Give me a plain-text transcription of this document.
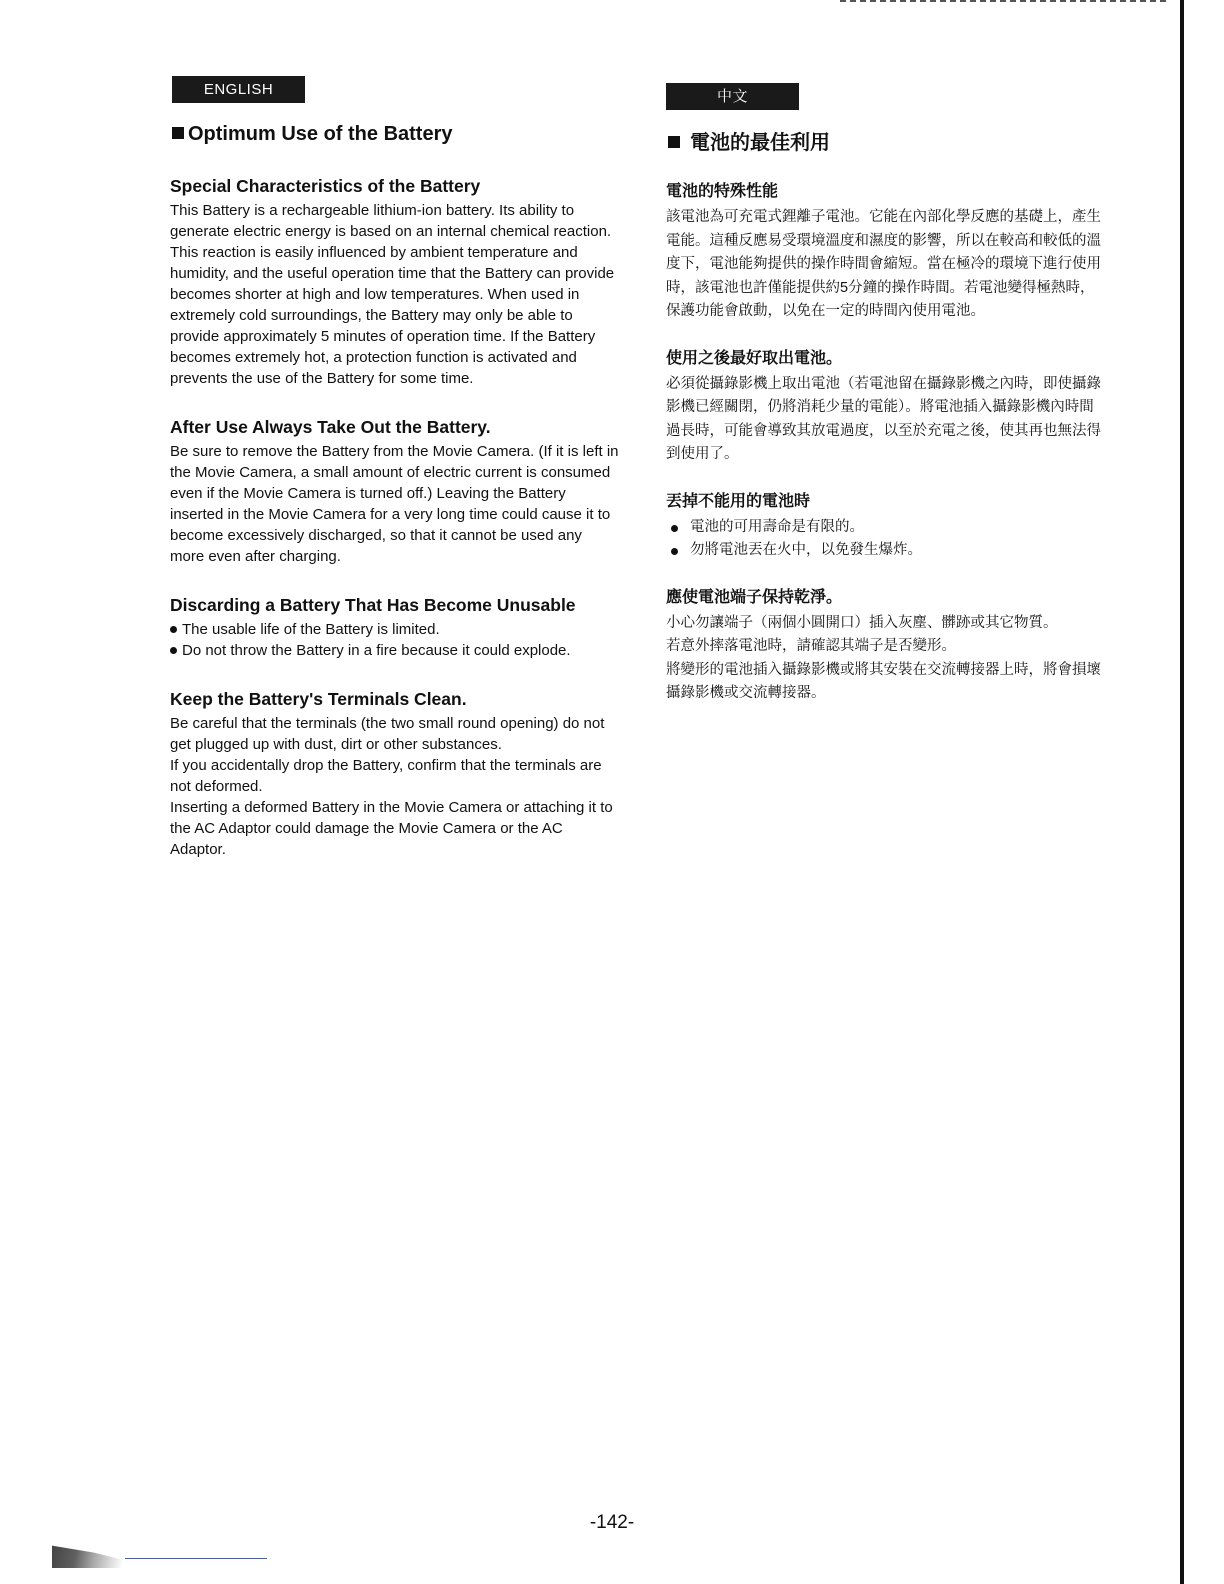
ENGLISH
Optimum Use of the Battery
Special Characteristics of the Battery

This Battery is a rechargeable lithium-ion battery. Its ability to generate electric energy is based on an internal chemical reaction. This reaction is easily influenced by ambient temperature and humidity, and the useful operation time that the Battery can provide becomes shorter at high and low temperatures. When used in extremely cold surroundings, the Battery may only be able to provide approximately 5 minutes of operation time. If the Battery becomes extremely hot, a protection function is activated and prevents the use of the Battery for some time.

After Use Always Take Out the Battery.

Be sure to remove the Battery from the Movie Camera. (If it is left in the Movie Camera, a small amount of electric current is consumed even if the Movie Camera is turned off.) Leaving the Battery inserted in the Movie Camera for a very long time could cause it to become excessively discharged, so that it cannot be used any more even after charging.

Discarding a Battery That Has Become Unusable
The usable life of the Battery is limited.
Do not throw the Battery in a fire because it could explode.
Keep the Battery's Terminals Clean.

Be careful that the terminals (the two small round opening) do not get plugged up with dust, dirt or other substances.

If you accidentally drop the Battery, confirm that the terminals are not deformed.

Inserting a deformed Battery in the Movie Camera or attaching it to the AC Adaptor could damage the Movie Camera or the AC Adaptor.

中文
電池的最佳利用
電池的特殊性能

該電池為可充電式鋰離子電池。它能在內部化學反應的基礎上，產生電能。這種反應易受環境溫度和濕度的影響，所以在較高和較低的溫度下，電池能夠提供的操作時間會縮短。當在極冷的環境下進行使用時，該電池也許僅能提供約5分鐘的操作時間。若電池變得極熱時，保護功能會啟動，以免在一定的時間內使用電池。

使用之後最好取出電池。

必須從攝錄影機上取出電池（若電池留在攝錄影機之內時，即使攝錄影機已經關閉，仍將消耗少量的電能）。將電池插入攝錄影機內時間過長時，可能會導致其放電過度，以至於充電之後，使其再也無法得到使用了。

丟掉不能用的電池時
電池的可用壽命是有限的。
勿將電池丟在火中，以免發生爆炸。
應使電池端子保持乾淨。

小心勿讓端子（兩個小圓開口）插入灰塵、髒跡或其它物質。

若意外摔落電池時，請確認其端子是否變形。

將變形的電池插入攝錄影機或將其安裝在交流轉接器上時，將會損壞攝錄影機或交流轉接器。

-142-
